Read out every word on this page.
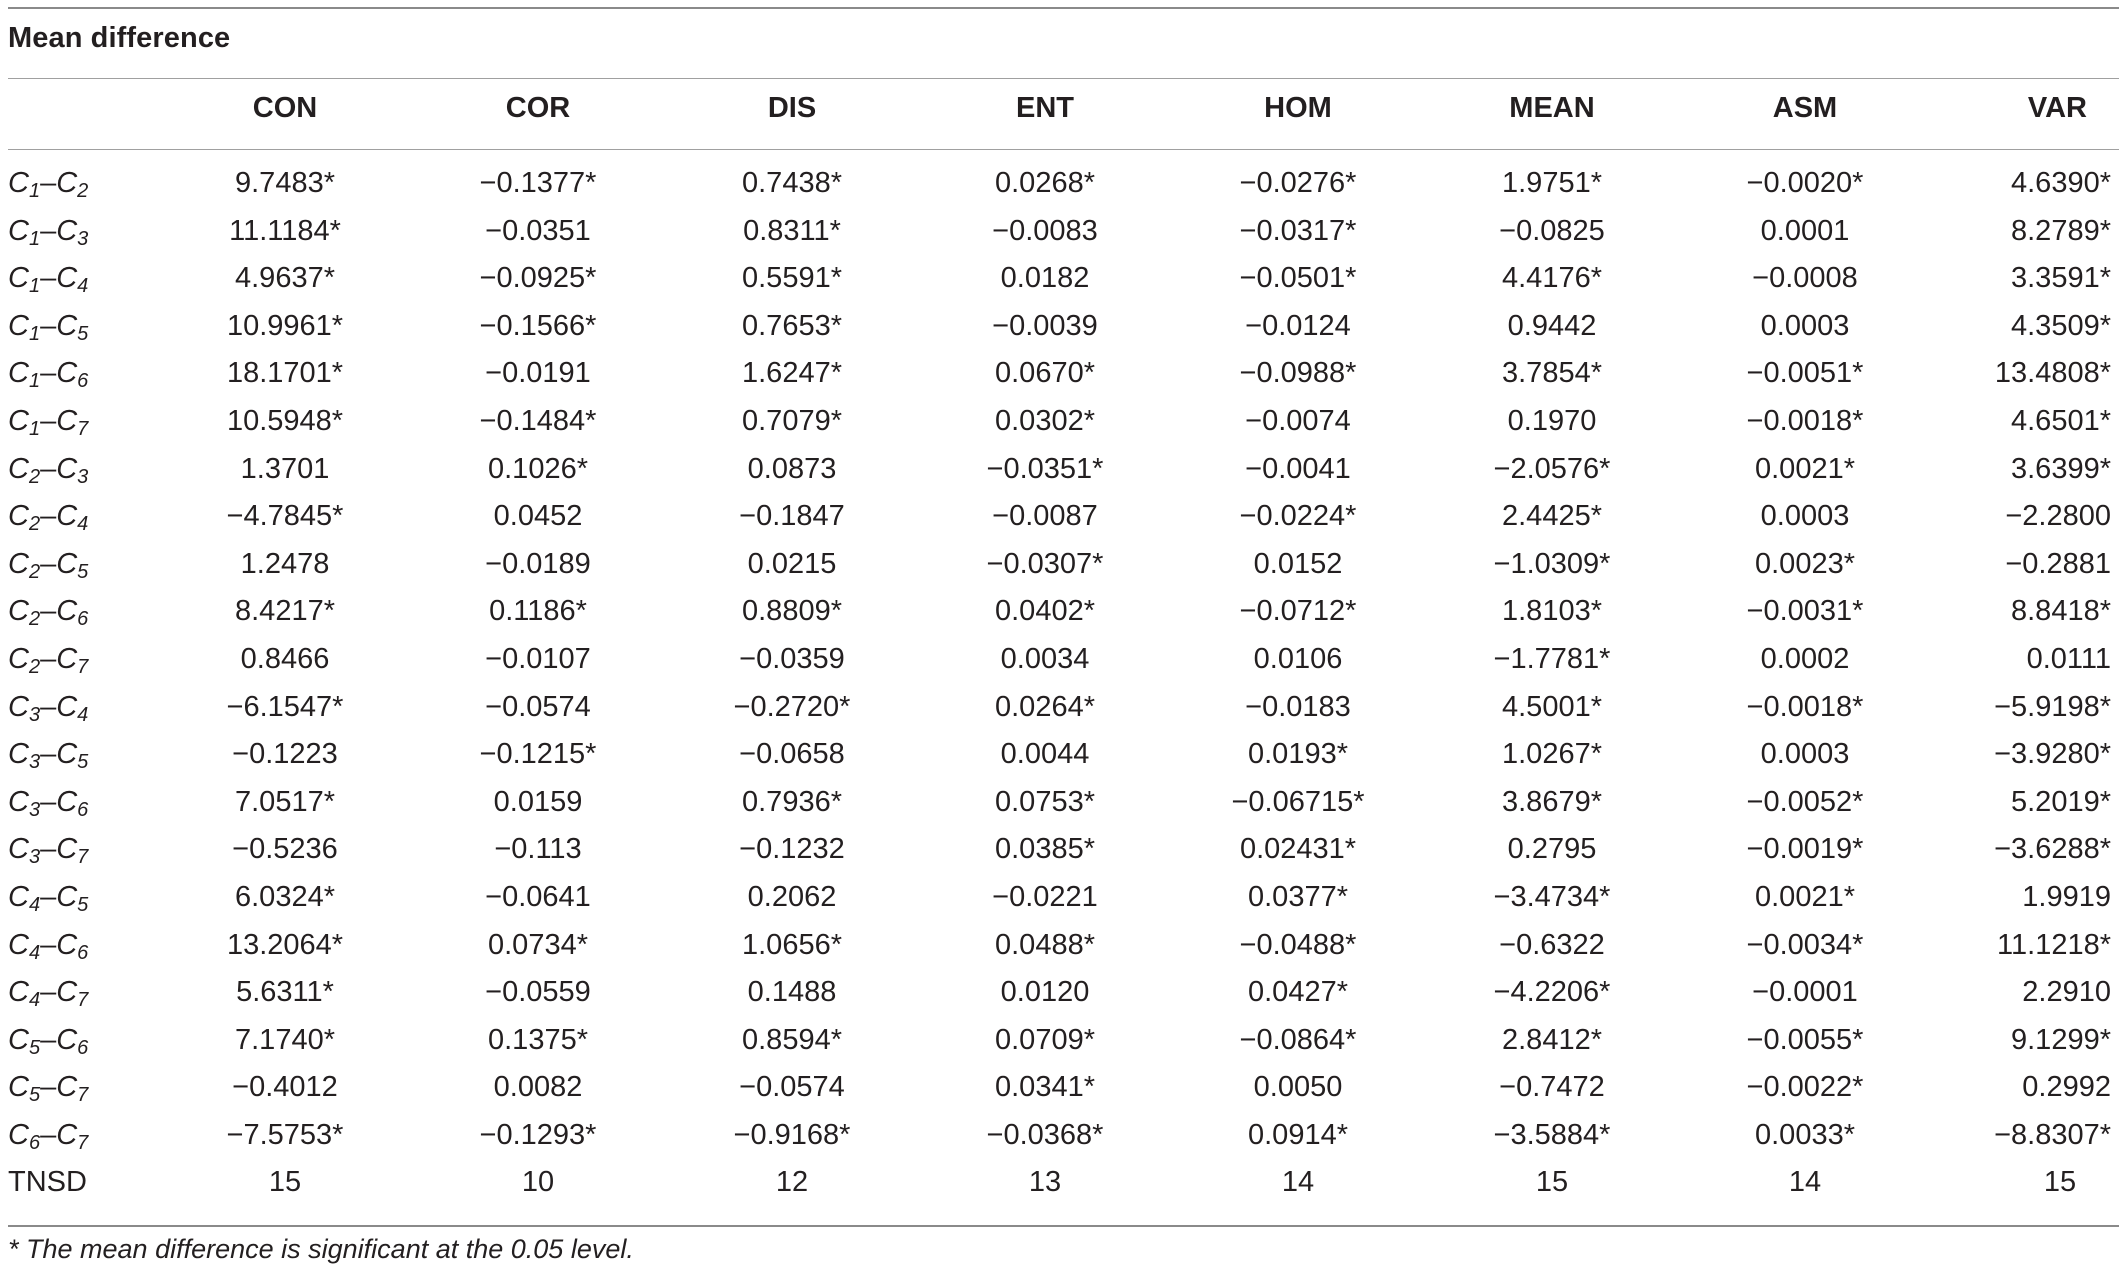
Mean difference
CON	COR	DIS	ENT	HOM	MEAN	ASM	VAR
$C_1-C_2$	9.7483*	−0.1377*	0.7438*	0.0268*	−0.0276*	1.9751*	−0.0020*	4.6390*
$C_1-C_3$	11.1184*	−0.0351	0.8311*	−0.0083	−0.0317*	−0.0825	0.0001	8.2789*
$C_1-C_4$	4.9637*	−0.0925*	0.5591*	0.0182	−0.0501*	4.4176*	−0.0008	3.3591*
$C_1-C_5$	10.9961*	−0.1566*	0.7653*	−0.0039	−0.0124	0.9442	0.0003	4.3509*
$C_1-C_6$	18.1701*	−0.0191	1.6247*	0.0670*	−0.0988*	3.7854*	−0.0051*	13.4808*
$C_1-C_7$	10.5948*	−0.1484*	0.7079*	0.0302*	−0.0074	0.1970	−0.0018*	4.6501*
$C_2-C_3$	1.3701	0.1026*	0.0873	−0.0351*	−0.0041	−2.0576*	0.0021*	3.6399*
$C_2-C_4$	−4.7845*	0.0452	−0.1847	−0.0087	−0.0224*	2.4425*	0.0003	−2.2800
$C_2-C_5$	1.2478	−0.0189	0.0215	−0.0307*	0.0152	−1.0309*	0.0023*	−0.2881
$C_2-C_6$	8.4217*	0.1186*	0.8809*	0.0402*	−0.0712*	1.8103*	−0.0031*	8.8418*
$C_2-C_7$	0.8466	−0.0107	−0.0359	0.0034	0.0106	−1.7781*	0.0002	0.0111
$C_3-C_4$	−6.1547*	−0.0574	−0.2720*	0.0264*	−0.0183	4.5001*	−0.0018*	−5.9198*
$C_3-C_5$	−0.1223	−0.1215*	−0.0658	0.0044	0.0193*	1.0267*	0.0003	−3.9280*
$C_3-C_6$	7.0517*	0.0159	0.7936*	0.0753*	−0.06715*	3.8679*	−0.0052*	5.2019*
$C_3-C_7$	−0.5236	−0.113	−0.1232	0.0385*	0.02431*	0.2795	−0.0019*	−3.6288*
$C_4-C_5$	6.0324*	−0.0641	0.2062	−0.0221	0.0377*	−3.4734*	0.0021*	1.9919
$C_4-C_6$	13.2064*	0.0734*	1.0656*	0.0488*	−0.0488*	−0.6322	−0.0034*	11.1218*
$C_4-C_7$	5.6311*	−0.0559	0.1488	0.0120	0.0427*	−4.2206*	−0.0001	2.2910
$C_5-C_6$	7.1740*	0.1375*	0.8594*	0.0709*	−0.0864*	2.8412*	−0.0055*	9.1299*
$C_5-C_7$	−0.4012	0.0082	−0.0574	0.0341*	0.0050	−0.7472	−0.0022*	0.2992
$C_6-C_7$	−7.5753*	−0.1293*	−0.9168*	−0.0368*	0.0914*	−3.5884*	0.0033*	−8.8307*
TNSD	15	10	12	13	14	15	14	15
* The mean difference is significant at the 0.05 level.
